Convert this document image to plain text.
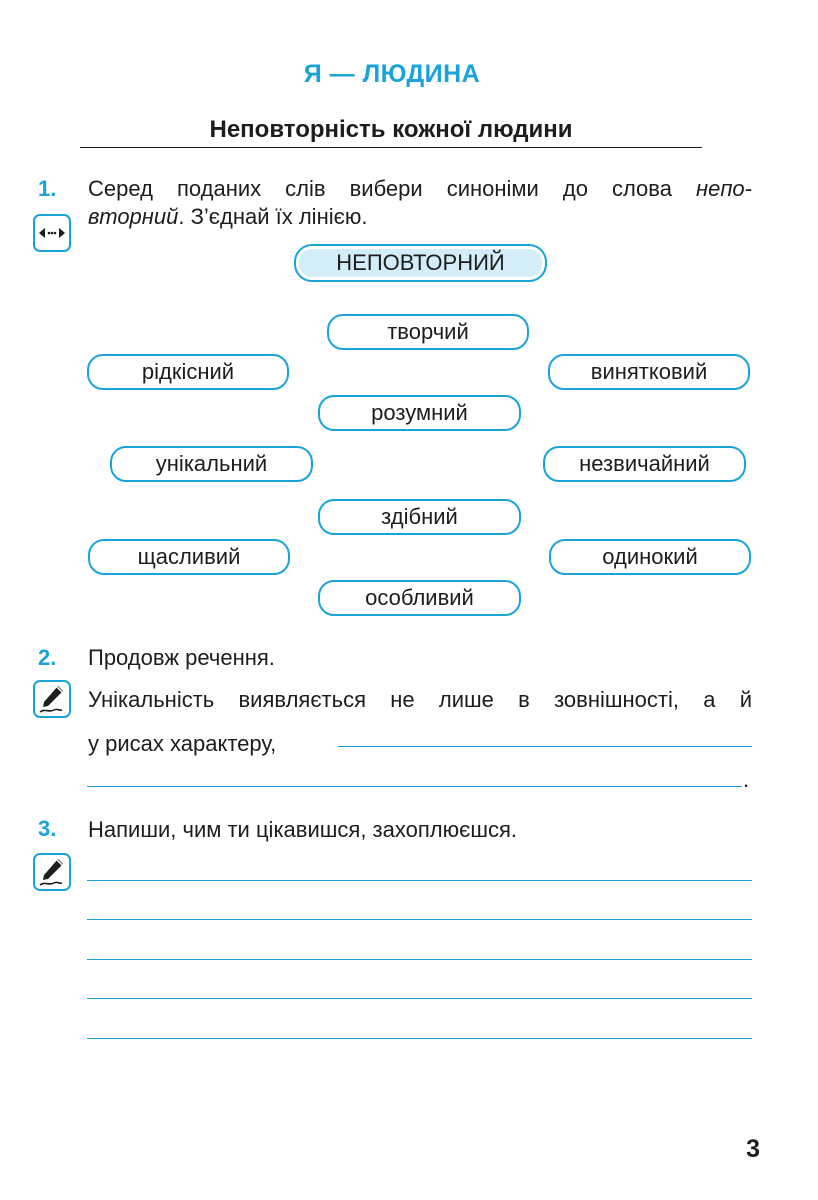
Я — ЛЮДИНА
Неповторність кожної людини
1. Серед поданих слів вибери синоніми до слова непо-
вторний. З’єднай їх лінією.
НЕПОВТОРНИЙ
творчий
рідкісний	винятковий
розумний
унікальний	незвичайний
здібний
щасливий	одинокий
особливий
2. Продовж речення.
Унікальність виявляється не лише в зовнішності, а й
у рисах характеру,
.
3. Напиши, чим ти цікавишся, захоплюєшся.
3
